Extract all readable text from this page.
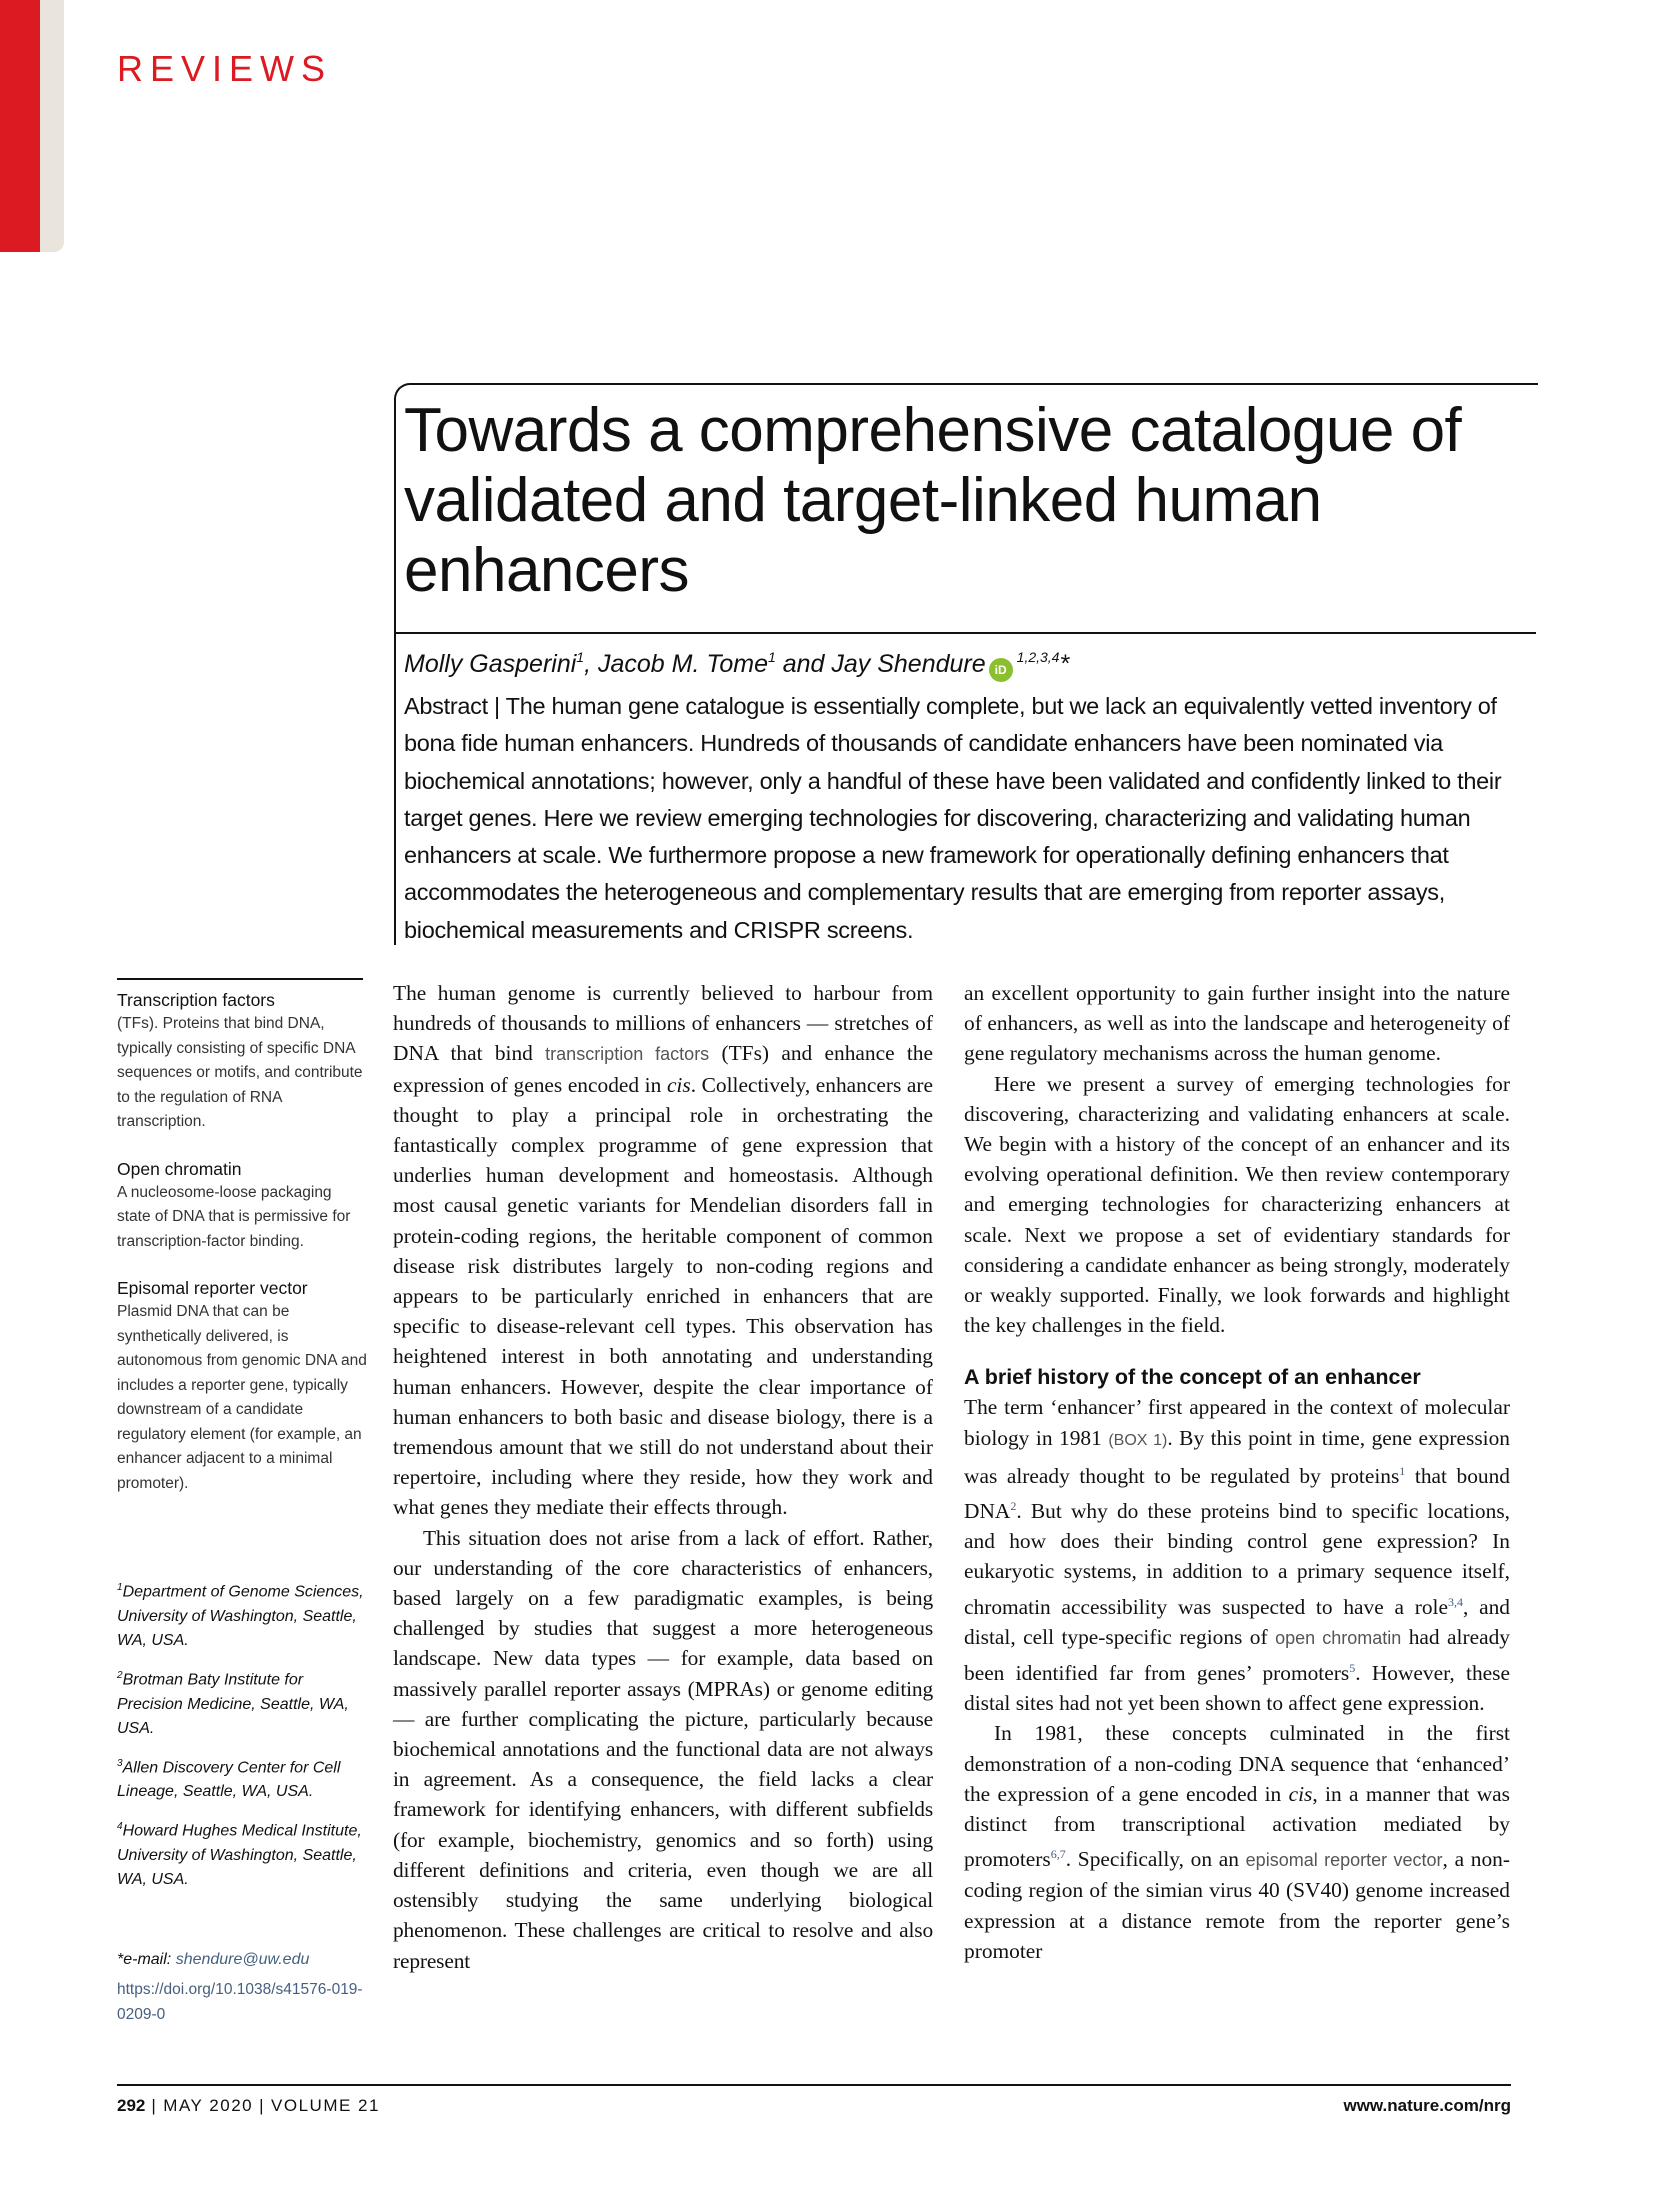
REVIEWS
Towards a comprehensive catalogue of validated and target-linked human enhancers
Molly Gasperini$^1$, Jacob M. Tome$^1$ and Jay Shendure iD$^{1,2,3,4}$*
Abstract | The human gene catalogue is essentially complete, but we lack an equivalently vetted inventory of bona fide human enhancers. Hundreds of thousands of candidate enhancers have been nominated via biochemical annotations; however, only a handful of these have been validated and confidently linked to their target genes. Here we review emerging technologies for discovering, characterizing and validating human enhancers at scale. We furthermore propose a new framework for operationally defining enhancers that accommodates the heterogeneous and complementary results that are emerging from reporter assays, biochemical measurements and CRISPR screens.
Transcription factors
(TFs). Proteins that bind DNA, typically consisting of specific DNA sequences or motifs, and contribute to the regulation of RNA transcription.
Open chromatin
A nucleosome-loose packaging state of DNA that is permissive for transcription-factor binding.
Episomal reporter vector
Plasmid DNA that can be synthetically delivered, is autonomous from genomic DNA and includes a reporter gene, typically downstream of a candidate regulatory element (for example, an enhancer adjacent to a minimal promoter).
$^1$Department of Genome Sciences, University of Washington, Seattle, WA, USA.
$^2$Brotman Baty Institute for Precision Medicine, Seattle, WA, USA.
$^3$Allen Discovery Center for Cell Lineage, Seattle, WA, USA.
$^4$Howard Hughes Medical Institute, University of Washington, Seattle, WA, USA.
*e-mail: shendure@uw.edu
https://doi.org/10.1038/s41576-019-0209-0

The human genome is currently believed to harbour from hundreds of thousands to millions of enhancers — stretches of DNA that bind transcription factors (TFs) and enhance the expression of genes encoded in cis. Collectively, enhancers are thought to play a principal role in orchestrating the fantastically complex programme of gene expression that underlies human development and homeostasis. Although most causal genetic variants for Mendelian disorders fall in protein-coding regions, the heritable component of common disease risk distributes largely to non-coding regions and appears to be particularly enriched in enhancers that are specific to disease-relevant cell types. This observation has heightened interest in both annotating and understanding human enhancers. However, despite the clear importance of human enhancers to both basic and disease biology, there is a tremendous amount that we still do not understand about their repertoire, including where they reside, how they work and what genes they mediate their effects through.

This situation does not arise from a lack of effort. Rather, our understanding of the core characteristics of enhancers, based largely on a few paradigmatic examples, is being challenged by studies that suggest a more heterogeneous landscape. New data types — for example, data based on massively parallel reporter assays (MPRAs) or genome editing — are further complicating the picture, particularly because biochemical annotations and the functional data are not always in agreement. As a consequence, the field lacks a clear framework for identifying enhancers, with different subfields (for example, biochemistry, genomics and so forth) using different definitions and criteria, even though we are all ostensibly studying the same underlying biological phenomenon. These challenges are critical to resolve and also represent

an excellent opportunity to gain further insight into the nature of enhancers, as well as into the landscape and heterogeneity of gene regulatory mechanisms across the human genome.

Here we present a survey of emerging technologies for discovering, characterizing and validating enhancers at scale. We begin with a history of the concept of an enhancer and its evolving operational definition. We then review contemporary and emerging technologies for characterizing enhancers at scale. Next we propose a set of evidentiary standards for considering a candidate enhancer as being strongly, moderately or weakly supported. Finally, we look forwards and highlight the key challenges in the field.

A brief history of the concept of an enhancer

The term ‘enhancer’ first appeared in the context of molecular biology in 1981 (BOX 1). By this point in time, gene expression was already thought to be regulated by proteins$^1$ that bound DNA$^2$. But why do these proteins bind to specific locations, and how does their binding control gene expression? In eukaryotic systems, in addition to a primary sequence itself, chromatin accessibility was suspected to have a role$^{3,4}$, and distal, cell type-specific regions of open chromatin had already been identified far from genes’ promoters$^5$. However, these distal sites had not yet been shown to affect gene expression.

In 1981, these concepts culminated in the first demonstration of a non-coding DNA sequence that ‘enhanced’ the expression of a gene encoded in cis, in a manner that was distinct from transcriptional activation mediated by promoters$^{6,7}$. Specifically, on an episomal reporter vector, a non-coding region of the simian virus 40 (SV40) genome increased expression at a distance remote from the reporter gene’s promoter

292 | MAY 2020 | VOLUME 21	www.nature.com/nrg
